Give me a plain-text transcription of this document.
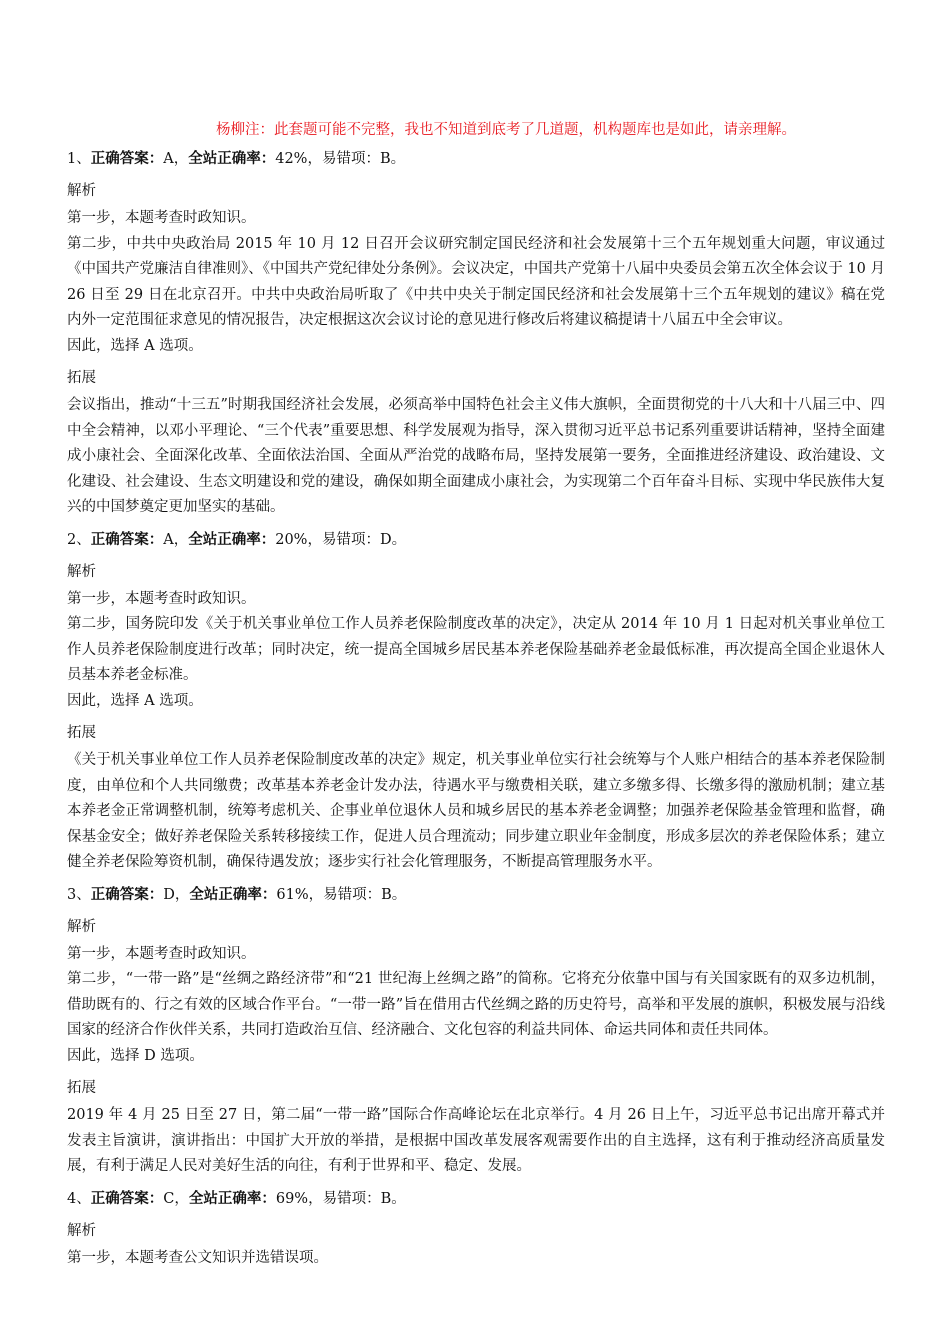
杨柳注：此套题可能不完整，我也不知道到底考了几道题，机构题库也是如此，请亲理解。
1、正确答案：A，全站正确率：42%，易错项：B。
解析

第一步，本题考查时政知识。

第二步，中共中央政治局 2015 年 10 月 12 日召开会议研究制定国民经济和社会发展第十三个五年规划重大问题，审议通过《中国共产党廉洁自律准则》、《中国共产党纪律处分条例》。会议决定，中国共产党第十八届中央委员会第五次全体会议于 10 月 26 日至 29 日在北京召开。中共中央政治局听取了《中共中央关于制定国民经济和社会发展第十三个五年规划的建议》稿在党内外一定范围征求意见的情况报告，决定根据这次会议讨论的意见进行修改后将建议稿提请十八届五中全会审议。

因此，选择 A 选项。

拓展

会议指出，推动“十三五”时期我国经济社会发展，必须高举中国特色社会主义伟大旗帜，全面贯彻党的十八大和十八届三中、四中全会精神，以邓小平理论、“三个代表”重要思想、科学发展观为指导，深入贯彻习近平总书记系列重要讲话精神，坚持全面建成小康社会、全面深化改革、全面依法治国、全面从严治党的战略布局，坚持发展第一要务，全面推进经济建设、政治建设、文化建设、社会建设、生态文明建设和党的建设，确保如期全面建成小康社会，为实现第二个百年奋斗目标、实现中华民族伟大复兴的中国梦奠定更加坚实的基础。

2、正确答案：A，全站正确率：20%，易错项：D。
解析

第一步，本题考查时政知识。

第二步，国务院印发《关于机关事业单位工作人员养老保险制度改革的决定》，决定从 2014 年 10 月 1 日起对机关事业单位工作人员养老保险制度进行改革；同时决定，统一提高全国城乡居民基本养老保险基础养老金最低标准，再次提高全国企业退休人员基本养老金标准。

因此，选择 A 选项。

拓展

《关于机关事业单位工作人员养老保险制度改革的决定》规定，机关事业单位实行社会统筹与个人账户相结合的基本养老保险制度，由单位和个人共同缴费；改革基本养老金计发办法，待遇水平与缴费相关联，建立多缴多得、长缴多得的激励机制；建立基本养老金正常调整机制，统筹考虑机关、企事业单位退休人员和城乡居民的基本养老金调整；加强养老保险基金管理和监督，确保基金安全；做好养老保险关系转移接续工作，促进人员合理流动；同步建立职业年金制度，形成多层次的养老保险体系；建立健全养老保险筹资机制，确保待遇发放；逐步实行社会化管理服务，不断提高管理服务水平。

3、正确答案：D，全站正确率：61%，易错项：B。
解析

第一步，本题考查时政知识。

第二步，“一带一路”是“丝绸之路经济带”和“21 世纪海上丝绸之路”的简称。它将充分依靠中国与有关国家既有的双多边机制，借助既有的、行之有效的区域合作平台。“一带一路”旨在借用古代丝绸之路的历史符号，高举和平发展的旗帜，积极发展与沿线国家的经济合作伙伴关系，共同打造政治互信、经济融合、文化包容的利益共同体、命运共同体和责任共同体。

因此，选择 D 选项。

拓展

2019 年 4 月 25 日至 27 日，第二届“一带一路”国际合作高峰论坛在北京举行。4 月 26 日上午，习近平总书记出席开幕式并发表主旨演讲，演讲指出：中国扩大开放的举措，是根据中国改革发展客观需要作出的自主选择，这有利于推动经济高质量发展，有利于满足人民对美好生活的向往，有利于世界和平、稳定、发展。

4、正确答案：C，全站正确率：69%，易错项：B。
解析

第一步，本题考查公文知识并选错误项。
